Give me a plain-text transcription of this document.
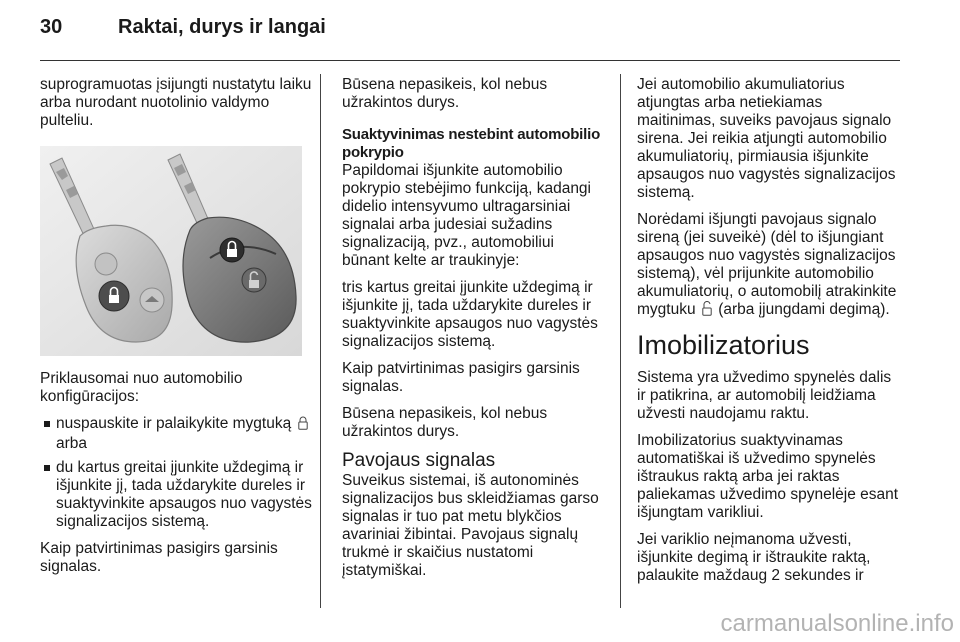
30	Raktai, durys ir langai

suprogramuotas įsijungti nustatytu laiku arba nurodant nuotolinio valdymo pulteliu.

Priklausomai nuo automobilio konfigūracijos:

nuspauskite ir palaikykite mygtuką  arba
du kartus greitai įjunkite uždegimą ir išjunkite jį, tada uždarykite dureles ir suaktyvinkite apsaugos nuo vagystės signalizacijos sistemą.

Kaip patvirtinimas pasigirs garsinis signalas.

Būsena nepasikeis, kol nebus užrakintos durys.

Suaktyvinimas nestebint automobilio pokrypio

Papildomai išjunkite automobilio pokrypio stebėjimo funkciją, kadangi didelio intensyvumo ultragarsiniai signalai arba judesiai sužadins signalizaciją, pvz., automobiliui būnant kelte ar traukinyje:

tris kartus greitai įjunkite uždegimą ir išjunkite jį, tada uždarykite dureles ir suaktyvinkite apsaugos nuo vagystės signalizacijos sistemą.

Kaip patvirtinimas pasigirs garsinis signalas.

Būsena nepasikeis, kol nebus užrakintos durys.

Pavojaus signalas

Suveikus sistemai, iš autonominės signalizacijos bus skleidžiamas garso signalas ir tuo pat metu blykčios avariniai žibintai. Pavojaus signalų trukmė ir skaičius nustatomi įstatymiškai.

Jei automobilio akumuliatorius atjungtas arba netiekiamas maitinimas, suveiks pavojaus signalo sirena. Jei reikia atjungti automobilio akumuliatorių, pirmiausia išjunkite apsaugos nuo vagystės signalizacijos sistemą.

Norėdami išjungti pavojaus signalo sireną (jei suveikė) (dėl to išjungiant apsaugos nuo vagystės signalizacijos sistemą), vėl prijunkite automobilio akumuliatorių, o automobilį atrakinkite mygtuku (arba įjungdami degimą).

Imobilizatorius

Sistema yra užvedimo spynelės dalis ir patikrina, ar automobilį leidžiama užvesti naudojamu raktu.

Imobilizatorius suaktyvinamas automatiškai iš užvedimo spynelės ištraukus raktą arba jei raktas paliekamas užvedimo spynelėje esant išjungtam varikliui.

Jei variklio neįmanoma užvesti, išjunkite degimą ir ištraukite raktą, palaukite maždaug 2 sekundes ir

carmanualsonline.info
